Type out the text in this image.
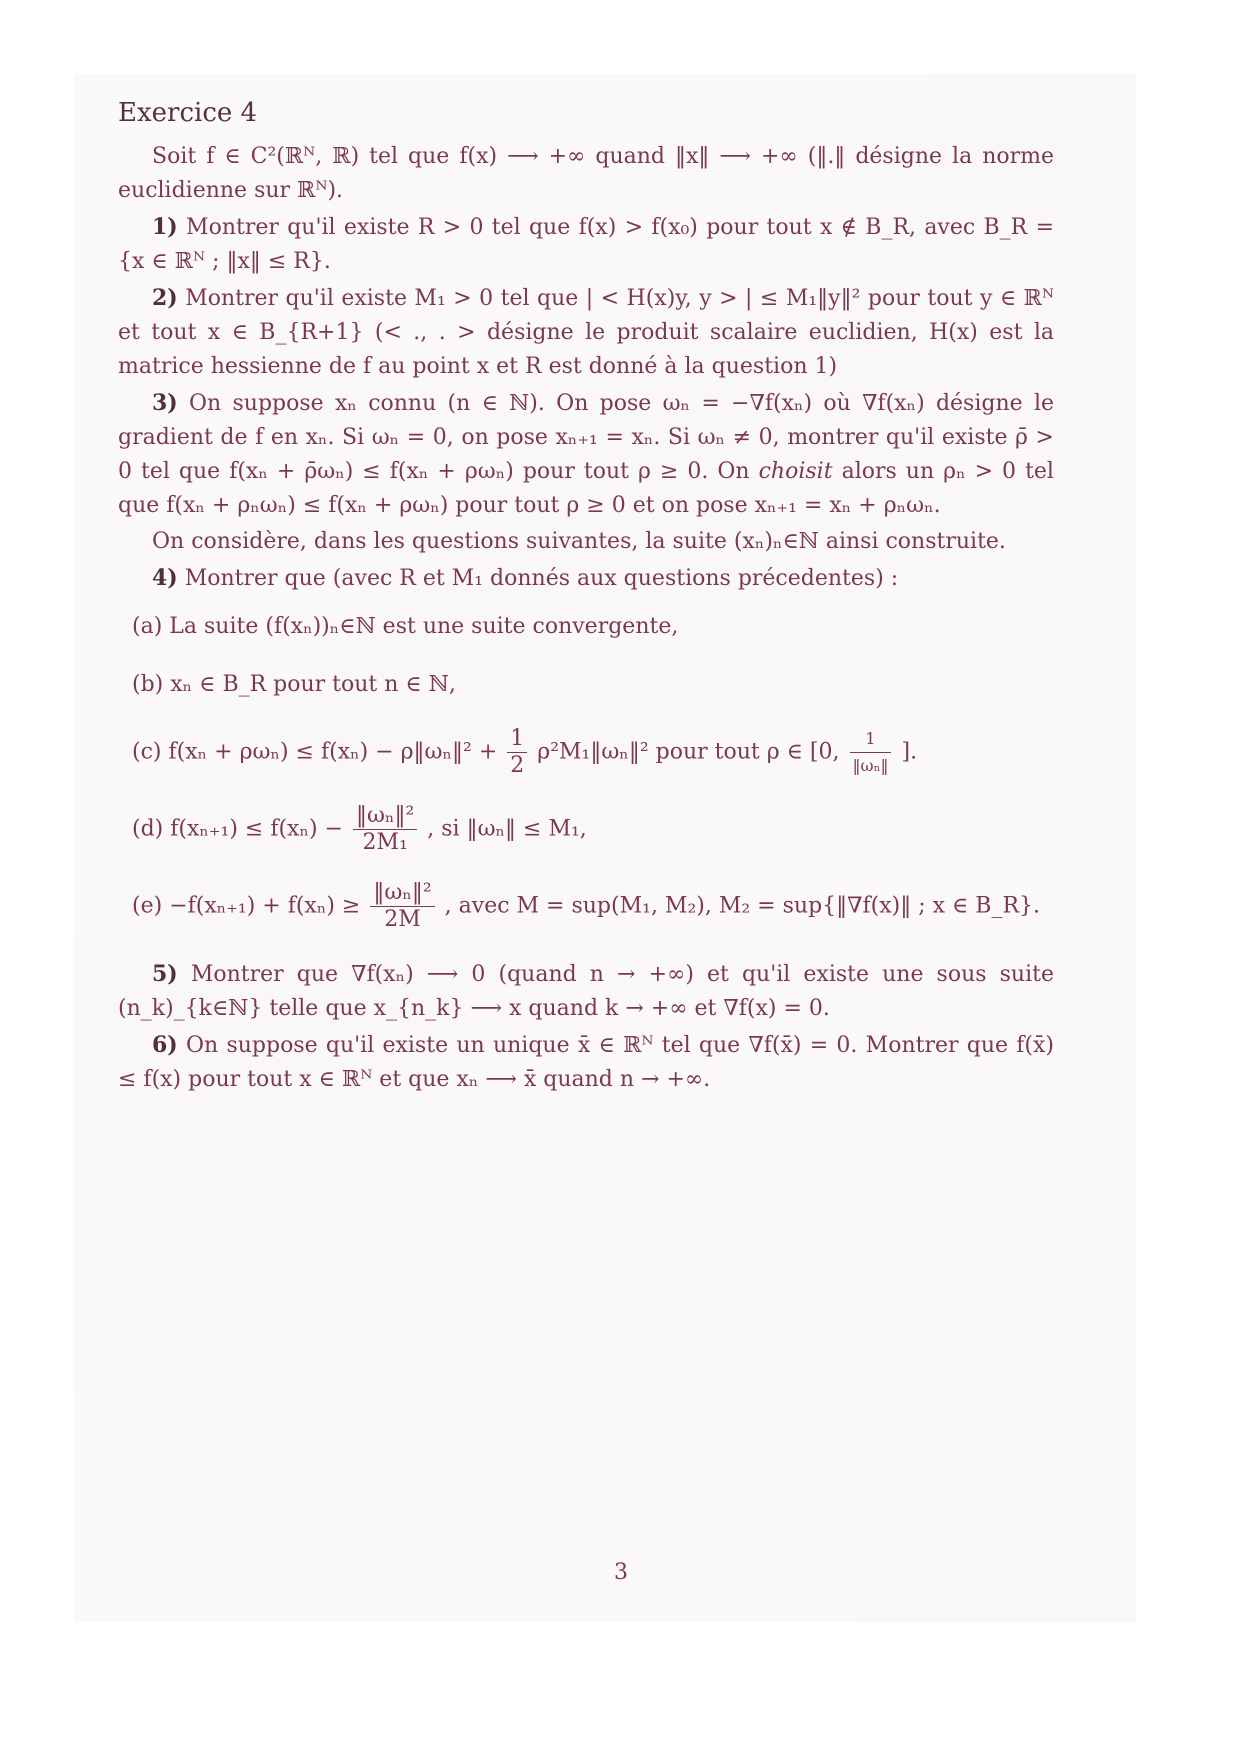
Exercice 4

Soit f ∈ C²(ℝᴺ, ℝ) tel que f(x) ⟶ +∞ quand ‖x‖ ⟶ +∞ (‖.‖ désigne la norme euclidienne sur ℝᴺ).

1) Montrer qu'il existe R > 0 tel que f(x) > f(x₀) pour tout x ∉ B_R, avec B_R = {x ∈ ℝᴺ ; ‖x‖ ≤ R}.

2) Montrer qu'il existe M₁ > 0 tel que | < H(x)y, y > | ≤ M₁‖y‖² pour tout y ∈ ℝᴺ et tout x ∈ B_{R+1} (< ., . > désigne le produit scalaire euclidien, H(x) est la matrice hessienne de f au point x et R est donné à la question 1)

3) On suppose xₙ connu (n ∈ ℕ). On pose ωₙ = −∇f(xₙ) où ∇f(xₙ) désigne le gradient de f en xₙ. Si ωₙ = 0, on pose xₙ₊₁ = xₙ. Si ωₙ ≠ 0, montrer qu'il existe ρ̄ > 0 tel que f(xₙ + ρ̄ωₙ) ≤ f(xₙ + ρωₙ) pour tout ρ ≥ 0. On choisit alors un ρₙ > 0 tel que f(xₙ + ρₙωₙ) ≤ f(xₙ + ρωₙ) pour tout ρ ≥ 0 et on pose xₙ₊₁ = xₙ + ρₙωₙ.

On considère, dans les questions suivantes, la suite (xₙ)ₙ∈ℕ ainsi construite.

4) Montrer que (avec R et M₁ donnés aux questions précedentes) :

(a) La suite (f(xₙ))ₙ∈ℕ est une suite convergente,
(b) xₙ ∈ B_R pour tout n ∈ ℕ,
(c) f(xₙ + ρωₙ) ≤ f(xₙ) − ρ‖ωₙ‖² + $\frac{1}{2}$ ρ²M₁‖ωₙ‖² pour tout ρ ∈ [0, $\frac{1}{\text{‖ωₙ‖}}$ ].
(d) $f(x_{n+1}) \le f(x_n) - \frac{\text{‖ωₙ‖²}}{\text{2M₁}}$ , si ‖ωₙ‖ ≤ M₁,
$(e) -f(x_{n+1}) + f(x_n) \ge \frac{\text{‖ωₙ‖²}}{2M}$ , avec M = sup(M₁, M₂), M₂ = sup{‖∇f(x)‖ ; x ∈ B_R}.

5) Montrer que ∇f(xₙ) ⟶ 0 (quand n → +∞) et qu'il existe une sous suite (n_k)_{k∈ℕ} telle que x_{n_k} ⟶ x quand k → +∞ et ∇f(x) = 0.

6) On suppose qu'il existe un unique x̄ ∈ ℝᴺ tel que ∇f(x̄) = 0. Montrer que f(x̄) ≤ f(x) pour tout x ∈ ℝᴺ et que xₙ ⟶ x̄ quand n → +∞.

3
